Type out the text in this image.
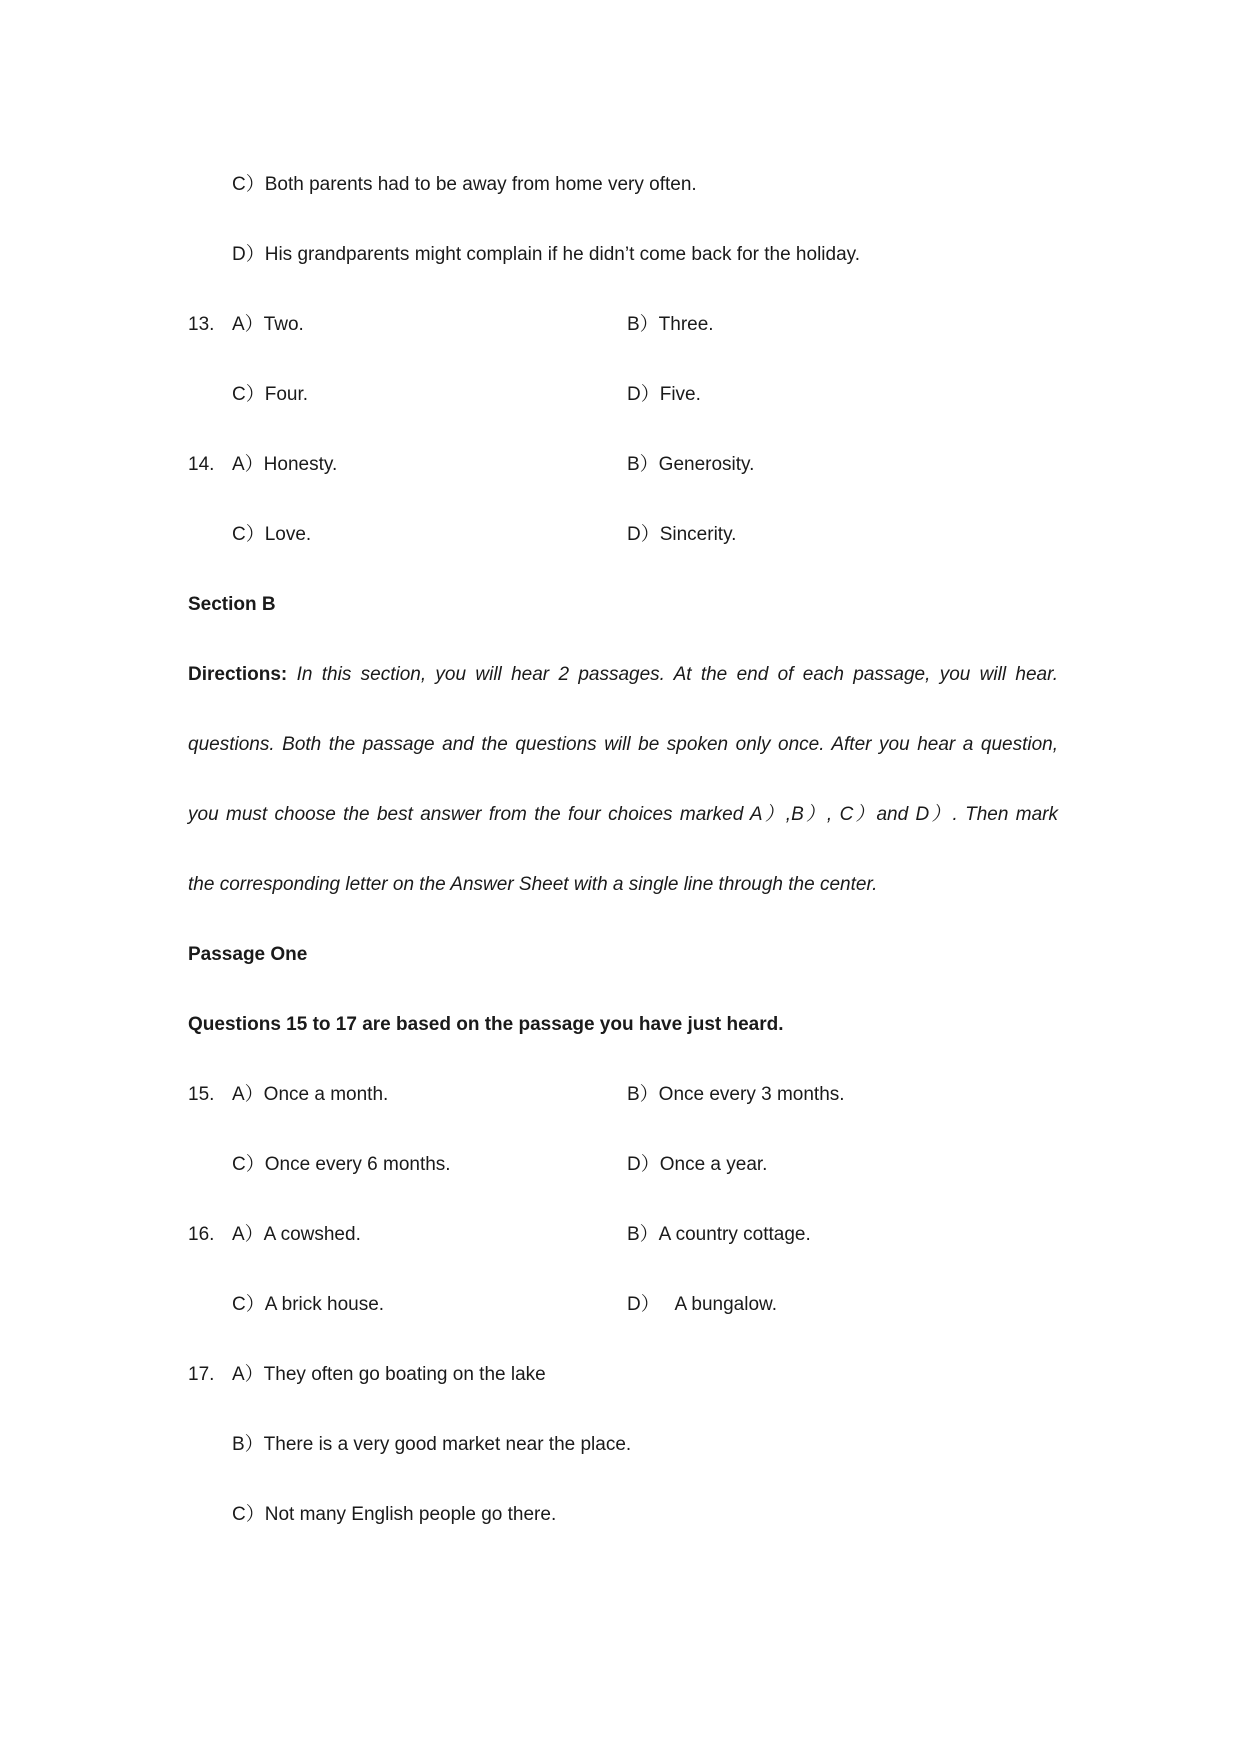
C）Both parents had to be away from home very often.
D）His grandparents might complain if he didn’t come back for the holiday.
13. A）Two.	B）Three.
C）Four.	D）Five.
14. A）Honesty.	B）Generosity.
C）Love.	D）Sincerity.
Section B
Directions: In this section, you will hear 2 passages. At the end of each passage, you will hear.
questions. Both the passage and the questions will be spoken only once. After you hear a question,
you must choose the best answer from the four choices marked A）,B）, C）and D）. Then mark
the corresponding letter on the Answer Sheet with a single line through the center.
Passage One
Questions 15 to 17 are based on the passage you have just heard.
15. A）Once a month.	B）Once every 3 months.
C）Once every 6 months.	D）Once a year.
16. A）A cowshed.	B）A country cottage.
C）A brick house.	D）   A bungalow.
17. A）They often go boating on the lake
B）There is a very good market near the place.
C）Not many English people go there.
